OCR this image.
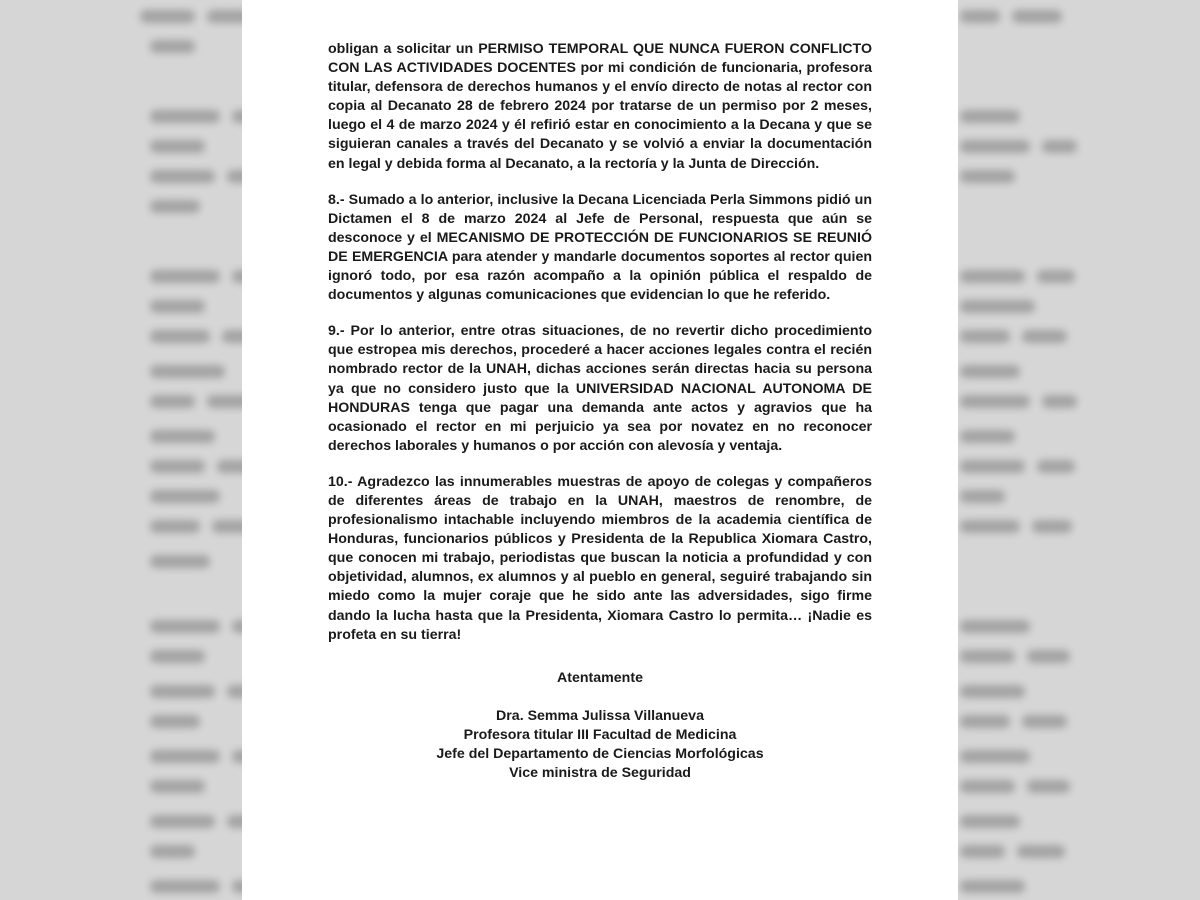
obligan a solicitar un PERMISO TEMPORAL QUE NUNCA FUERON CONFLICTO CON LAS ACTIVIDADES DOCENTES por mi condición de funcionaria, profesora titular, defensora de derechos humanos y el envío directo de notas al rector con copia al Decanato 28 de febrero 2024 por tratarse de un permiso por 2 meses, luego el 4 de marzo 2024 y él refirió estar en conocimiento a la Decana y que se siguieran canales a través del Decanato y se volvió a enviar la documentación en legal y debida forma al Decanato, a la rectoría y la Junta de Dirección.

8.- Sumado a lo anterior, inclusive la Decana Licenciada Perla Simmons pidió un Dictamen el 8 de marzo 2024 al Jefe de Personal, respuesta que aún se desconoce y el MECANISMO DE PROTECCIÓN DE FUNCIONARIOS SE REUNIÓ DE EMERGENCIA para atender y mandarle documentos soportes al rector quien ignoró todo, por esa razón acompaño a la opinión pública el respaldo de documentos y algunas comunicaciones que evidencian lo que he referido.

9.- Por lo anterior, entre otras situaciones, de no revertir dicho procedimiento que estropea mis derechos, procederé a hacer acciones legales contra el recién nombrado rector de la UNAH, dichas acciones serán directas hacia su persona ya que no considero justo que la UNIVERSIDAD NACIONAL AUTONOMA DE HONDURAS tenga que pagar una demanda ante actos y agravios que ha ocasionado el rector en mi perjuicio ya sea por novatez en no reconocer derechos laborales y humanos o por acción con alevosía y ventaja.

10.- Agradezco las innumerables muestras de apoyo de colegas y compañeros de diferentes áreas de trabajo en la UNAH, maestros de renombre, de profesionalismo intachable incluyendo miembros de la academia científica de Honduras, funcionarios públicos y Presidenta de la Republica Xiomara Castro, que conocen mi trabajo, periodistas que buscan la noticia a profundidad y con objetividad, alumnos, ex alumnos y al pueblo en general, seguiré trabajando sin miedo como la mujer coraje que he sido ante las adversidades, sigo firme dando la lucha hasta que la Presidenta, Xiomara Castro lo permita… ¡Nadie es profeta en su tierra!

Atentamente
Dra. Semma Julissa Villanueva
Profesora titular III Facultad de Medicina
Jefe del Departamento de Ciencias Morfológicas
Vice ministra de Seguridad
